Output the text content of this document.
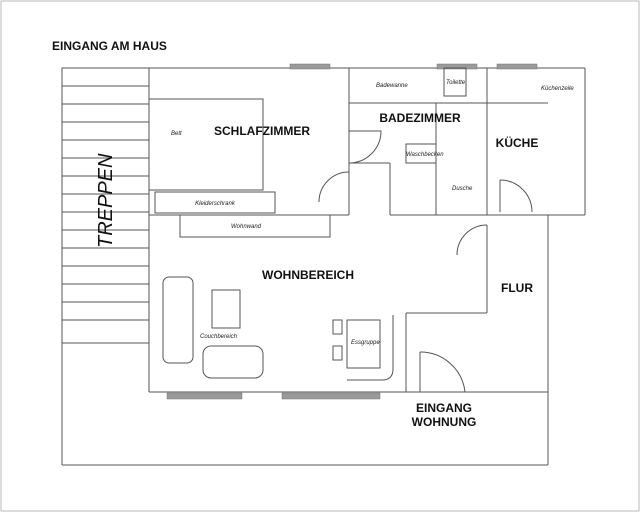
EINGANG AM HAUS
TREPPEN
SCHLAFZIMMER
BADEZIMMER
KÜCHE
WOHNBEREICH
FLUR
EINGANG
WOHNUNG
Bett
Kleiderschrank
Wohnwand
Badewanne	Toilette
Waschbecken
Dusche
Küchenzeile
Couchbereich
Essgruppe
